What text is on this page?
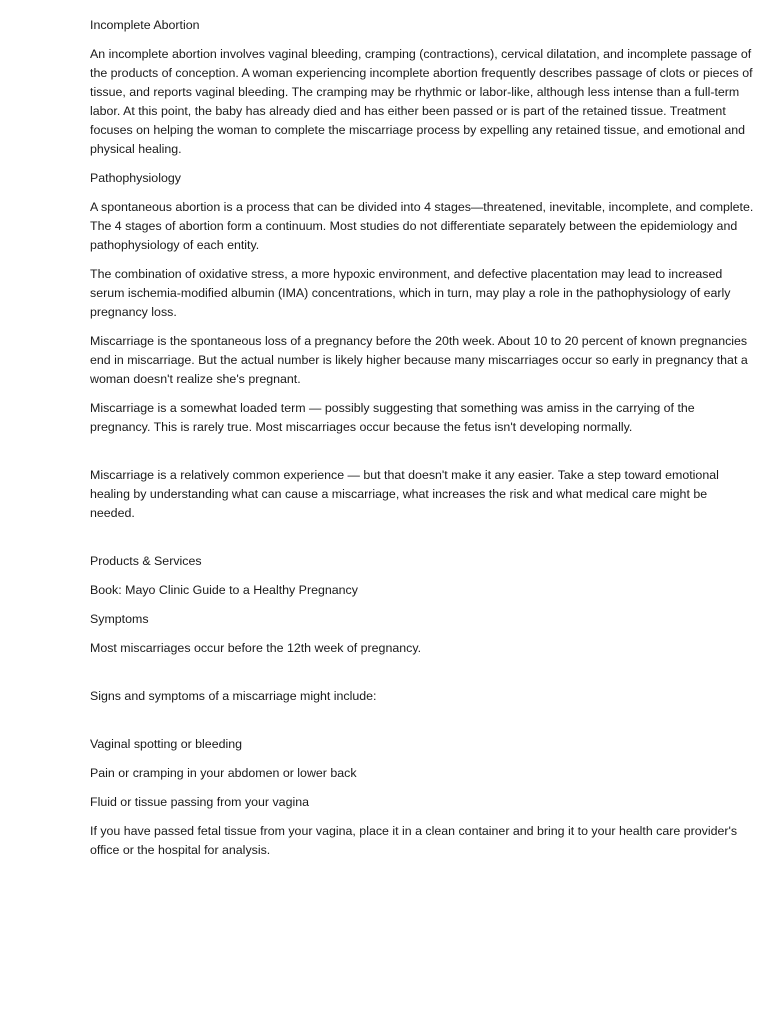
Incomplete Abortion

An incomplete abortion involves vaginal bleeding, cramping (contractions), cervical dilatation, and incomplete passage of the products of conception. A woman experiencing incomplete abortion frequently describes passage of clots or pieces of tissue, and reports vaginal bleeding. The cramping may be rhythmic or labor-like, although less intense than a full-term labor. At this point, the baby has already died and has either been passed or is part of the retained tissue. Treatment focuses on helping the woman to complete the miscarriage process by expelling any retained tissue, and emotional and physical healing.

Pathophysiology

A spontaneous abortion is a process that can be divided into 4 stages—threatened, inevitable, incomplete, and complete. The 4 stages of abortion form a continuum. Most studies do not differentiate separately between the epidemiology and pathophysiology of each entity.

The combination of oxidative stress, a more hypoxic environment, and defective placentation may lead to increased serum ischemia-modified albumin (IMA) concentrations, which in turn, may play a role in the pathophysiology of early pregnancy loss.

Miscarriage is the spontaneous loss of a pregnancy before the 20th week. About 10 to 20 percent of known pregnancies end in miscarriage. But the actual number is likely higher because many miscarriages occur so early in pregnancy that a woman doesn't realize she's pregnant.

Miscarriage is a somewhat loaded term — possibly suggesting that something was amiss in the carrying of the pregnancy. This is rarely true. Most miscarriages occur because the fetus isn't developing normally.

Miscarriage is a relatively common experience — but that doesn't make it any easier. Take a step toward emotional healing by understanding what can cause a miscarriage, what increases the risk and what medical care might be needed.

Products & Services

Book: Mayo Clinic Guide to a Healthy Pregnancy

Symptoms

Most miscarriages occur before the 12th week of pregnancy.

Signs and symptoms of a miscarriage might include:

Vaginal spotting or bleeding

Pain or cramping in your abdomen or lower back

Fluid or tissue passing from your vagina

If you have passed fetal tissue from your vagina, place it in a clean container and bring it to your health care provider's office or the hospital for analysis.
